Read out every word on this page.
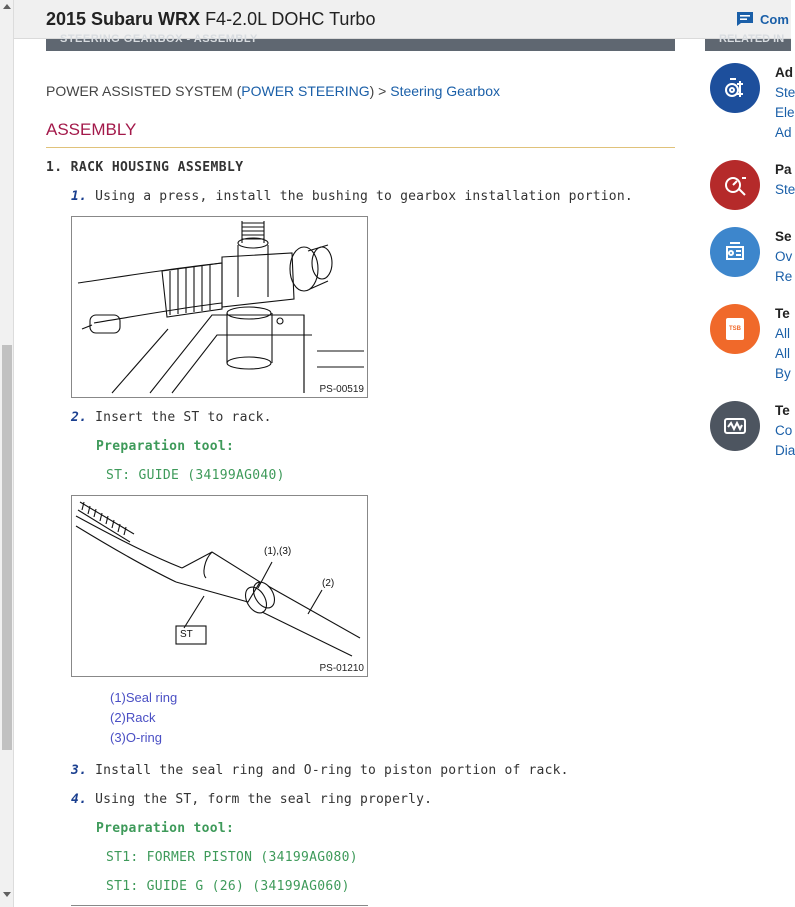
2015 Subaru WRX F4-2.0L DOHC Turbo	Com
STEERING GEARBOX - ASSEMBLY	RELATED IN
POWER ASSISTED SYSTEM (POWER STEERING) > Steering Gearbox
ASSEMBLY
1. RACK HOUSING ASSEMBLY
1. Using a press, install the bushing to gearbox installation portion.
PS-00519
2. Insert the ST to rack.
Preparation tool:
ST: GUIDE (34199AG040)
ST
(1),(3)
(2)
PS-01210
(1)Seal ring
(2)Rack
(3)O-ring
3. Install the seal ring and O-ring to piston portion of rack.
4. Using the ST, form the seal ring properly.
Preparation tool:
ST1: FORMER PISTON (34199AG080)
ST1: GUIDE G (26) (34199AG060)
Ad
Ste
Ele
Ad
Pa
Ste
Se
Ov
Re
TSB
Te
All
All
By
Te
Co
Dia
